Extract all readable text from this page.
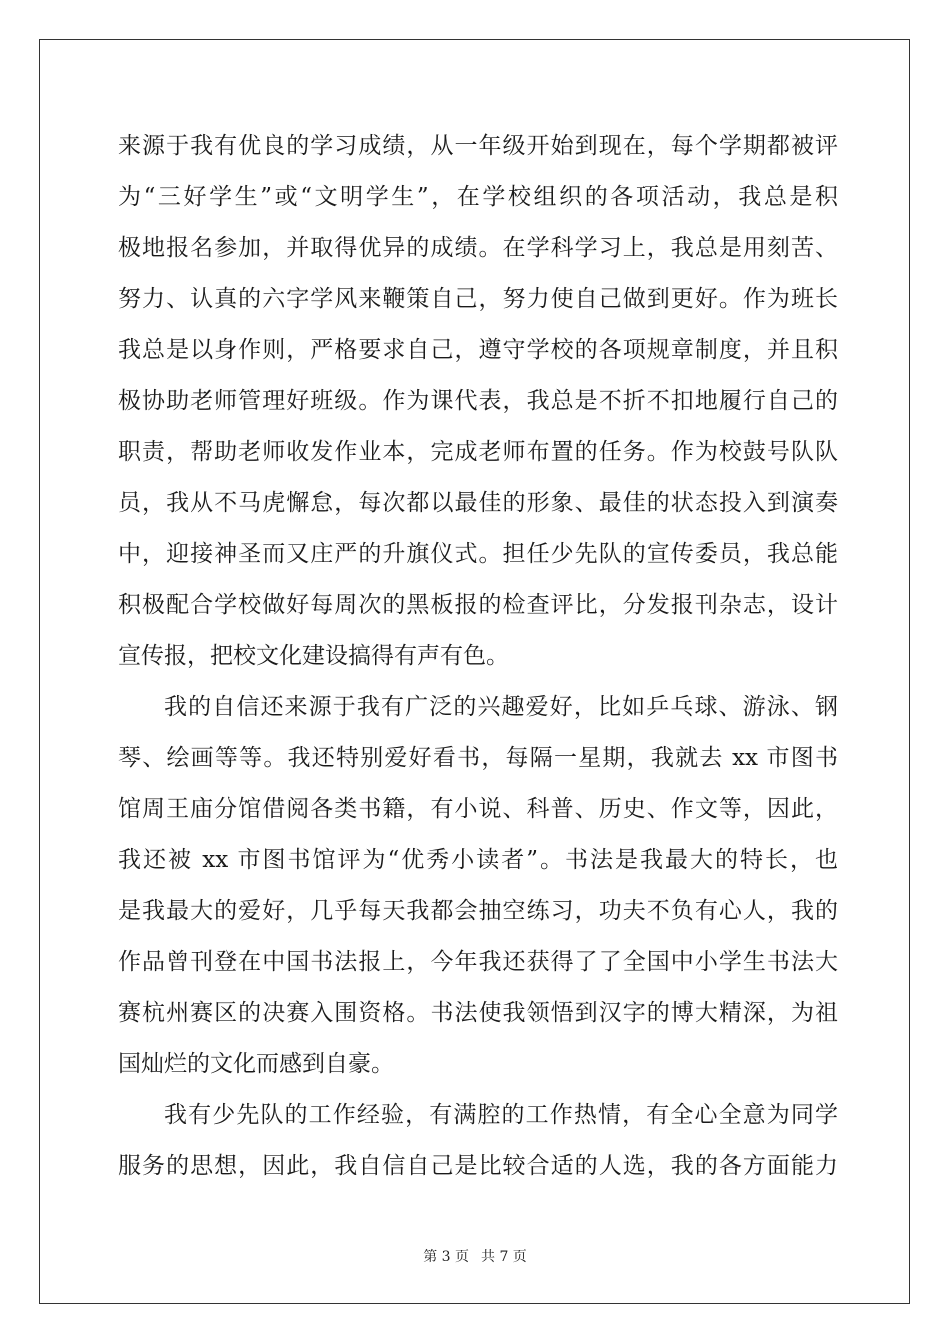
来源于我有优良的学习成绩，从一年级开始到现在，每个学期都被评
为“三好学生”或“文明学生”，在学校组织的各项活动，我总是积
极地报名参加，并取得优异的成绩。在学科学习上，我总是用刻苦、
努力、认真的六字学风来鞭策自己，努力使自己做到更好。作为班长
我总是以身作则，严格要求自己，遵守学校的各项规章制度，并且积
极协助老师管理好班级。作为课代表，我总是不折不扣地履行自己的
职责，帮助老师收发作业本，完成老师布置的任务。作为校鼓号队队
员，我从不马虎懈怠，每次都以最佳的形象、最佳的状态投入到演奏
中，迎接神圣而又庄严的升旗仪式。担任少先队的宣传委员，我总能
积极配合学校做好每周次的黑板报的检查评比，分发报刊杂志，设计
宣传报，把校文化建设搞得有声有色。
我的自信还来源于我有广泛的兴趣爱好，比如乒乓球、游泳、钢
琴、绘画等等。我还特别爱好看书，每隔一星期，我就去 xx 市图书
馆周王庙分馆借阅各类书籍，有小说、科普、历史、作文等，因此，
我还被 xx 市图书馆评为“优秀小读者”。书法是我最大的特长，也
是我最大的爱好，几乎每天我都会抽空练习，功夫不负有心人，我的
作品曾刊登在中国书法报上，今年我还获得了了全国中小学生书法大
赛杭州赛区的决赛入围资格。书法使我领悟到汉字的博大精深，为祖
国灿烂的文化而感到自豪。
我有少先队的工作经验，有满腔的工作热情，有全心全意为同学
服务的思想，因此，我自信自己是比较合适的人选，我的各方面能力
第 3 页 共 7 页
